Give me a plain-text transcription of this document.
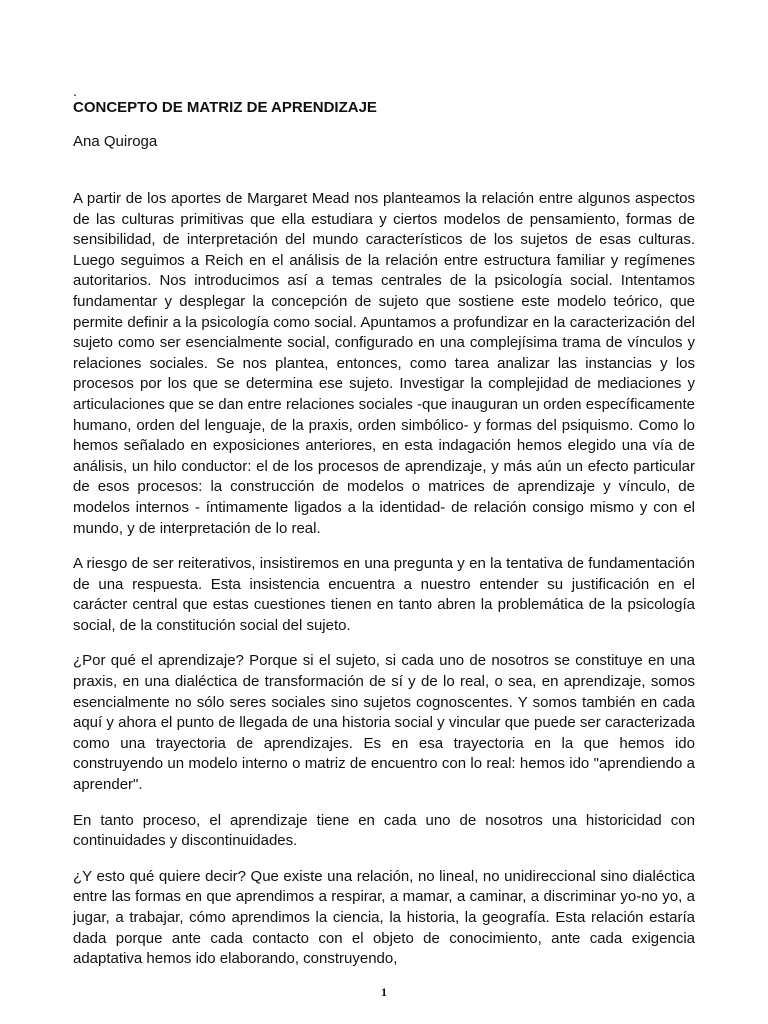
.

CONCEPTO DE MATRIZ DE APRENDIZAJE

Ana Quiroga

A partir de los aportes de Margaret Mead nos planteamos la relación entre algunos aspectos de las culturas primitivas que ella estudiara y ciertos modelos de pensamiento, formas de sensibilidad, de interpretación del mundo característicos de los sujetos de esas culturas. Luego seguimos a Reich en el análisis de la relación entre estructura familiar y regímenes autoritarios. Nos introducimos así a temas centrales de la psicología social. Intentamos fundamentar y desplegar la concepción de sujeto que sostiene este modelo teórico, que permite definir a la psicología como social. Apuntamos a profundizar en la caracterización del sujeto como ser esencialmente social, configurado en una complejísima trama de vínculos y relaciones sociales. Se nos plantea, entonces, como tarea analizar las instancias y los procesos por los que se determina ese sujeto. Investigar la complejidad de mediaciones y articulaciones que se dan entre relaciones sociales -que inauguran un orden específicamente humano, orden del lenguaje, de la praxis, orden simbólico- y formas del psiquismo. Como lo hemos señalado en exposiciones anteriores, en esta indagación hemos elegido una vía de análisis, un hilo conductor: el de los procesos de aprendizaje, y más aún un efecto particular de esos procesos: la construcción de modelos o matrices de aprendizaje y vínculo, de modelos internos - íntimamente ligados a la identidad- de relación consigo mismo y con el mundo, y de interpretación de lo real.

A riesgo de ser reiterativos, insistiremos en una pregunta y en la tentativa de fundamentación de una respuesta. Esta insistencia encuentra a nuestro entender su justificación en el carácter central que estas cuestiones tienen en tanto abren la problemática de la psicología social, de la constitución social del sujeto.

¿Por qué el aprendizaje? Porque si el sujeto, si cada uno de nosotros se constituye en una praxis, en una dialéctica de transformación de sí y de lo real, o sea, en aprendizaje, somos esencialmente no sólo seres sociales sino sujetos cognoscentes. Y somos también en cada aquí y ahora el punto de llegada de una historia social y vincular que puede ser caracterizada como una trayectoria de aprendizajes. Es en esa trayectoria en la que hemos ido construyendo un modelo interno o matriz de encuentro con lo real: hemos ido "aprendiendo a aprender".

En tanto proceso, el aprendizaje tiene en cada uno de nosotros una historicidad con continuidades y discontinuidades.

¿Y esto qué quiere decir? Que existe una relación, no lineal, no unidireccional sino dialéctica entre las formas en que aprendimos a respirar, a mamar, a caminar, a discriminar yo-no yo, a jugar, a trabajar, cómo aprendimos la ciencia, la historia, la geografía. Esta relación estaría dada porque ante cada contacto con el objeto de conocimiento, ante cada exigencia adaptativa hemos ido elaborando, construyendo,

1
